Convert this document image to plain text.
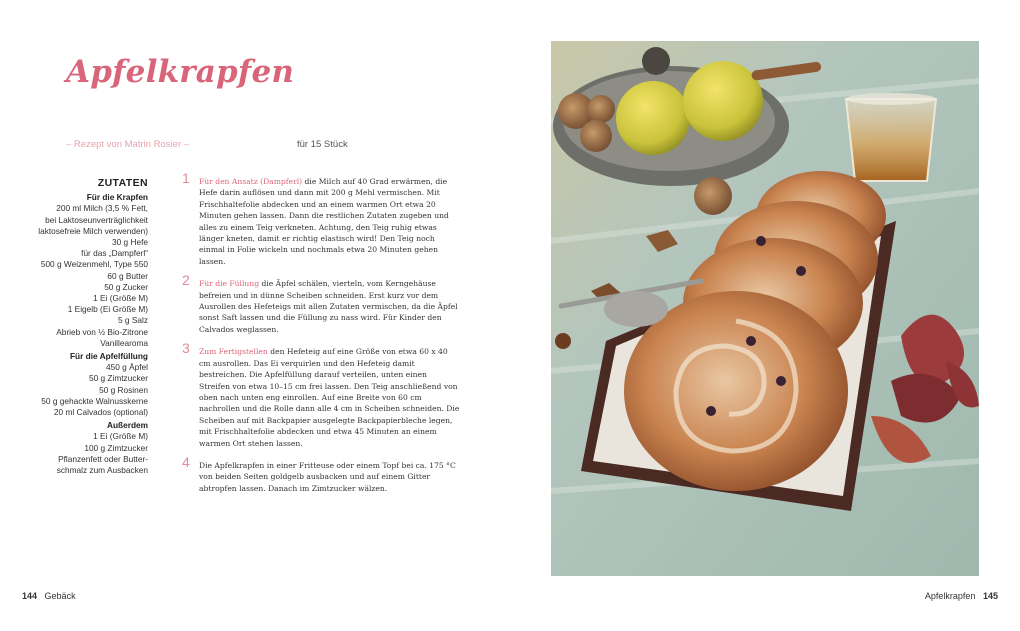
Apfelkrapfen
– Rezept von Matrin Rosier –	für 15 Stück
ZUTATEN
Für die Krapfen
200 ml Milch (3,5 % Fett,
bei Laktoseunverträglichkeit
laktosefreie Milch verwenden)
30 g Hefe
für das „Dampferl“
500 g Weizenmehl, Type 550
60 g Butter
50 g Zucker
1 Ei (Größe M)
1 Eigelb (Ei Größe M)
5 g Salz
Abrieb von ½ Bio-Zitrone
Vanillearoma
Für die Apfelfüllung
450 g Äpfel
50 g Zimtzucker
50 g Rosinen
50 g gehackte Walnusskerne
20 ml Calvados (optional)
Außerdem
1 Ei (Größe M)
100 g Zimtzucker
Pflanzenfett oder Butter-
schmalz zum Ausbacken
1 Für den Ansatz (Dampferl) die Milch auf 40 Grad erwärmen, die Hefe darin auflösen und dann mit 200 g Mehl vermischen. Mit Frischhaltefolie abdecken und an einem warmen Ort etwa 20 Minuten gehen lassen. Dann die restlichen Zutaten zugeben und alles zu einem Teig verkneten. Achtung, den Teig ruhig etwas länger kneten, damit er richtig elastisch wird! Den Teig noch einmal in Folie wickeln und nochmals etwa 20 Minuten gehen lassen.
2 Für die Füllung die Äpfel schälen, vierteln, vom Kerngehäuse befreien und in dünne Scheiben schneiden. Erst kurz vor dem Ausrollen des Hefeteigs mit allen Zutaten vermischen, da die Äpfel sonst Saft lassen und die Füllung zu nass wird. Für Kinder den Calvados weglassen.
3 Zum Fertigstellen den Hefeteig auf eine Größe von etwa 60 x 40 cm ausrollen. Das Ei verquirlen und den Hefeteig damit bestreichen. Die Apfelfüllung darauf verteilen, unten einen Streifen von etwa 10–15 cm frei lassen. Den Teig anschließend von oben nach unten eng einrollen. Auf eine Breite von 60 cm nachrollen und die Rolle dann alle 4 cm in Scheiben schneiden. Die Scheiben auf mit Backpapier ausgelegte Backpapierbleche legen, mit Frischhaltefolie abdecken und etwa 45 Minuten an einem warmen Ort stehen lassen.
4 Die Apfelkrapfen in einer Fritteuse oder einem Topf bei ca. 175 °C von beiden Seiten goldgelb ausbacken und auf einem Gitter abtropfen lassen. Danach im Zimtzucker wälzen.
144 Gebäck	Apfelkrapfen 145
